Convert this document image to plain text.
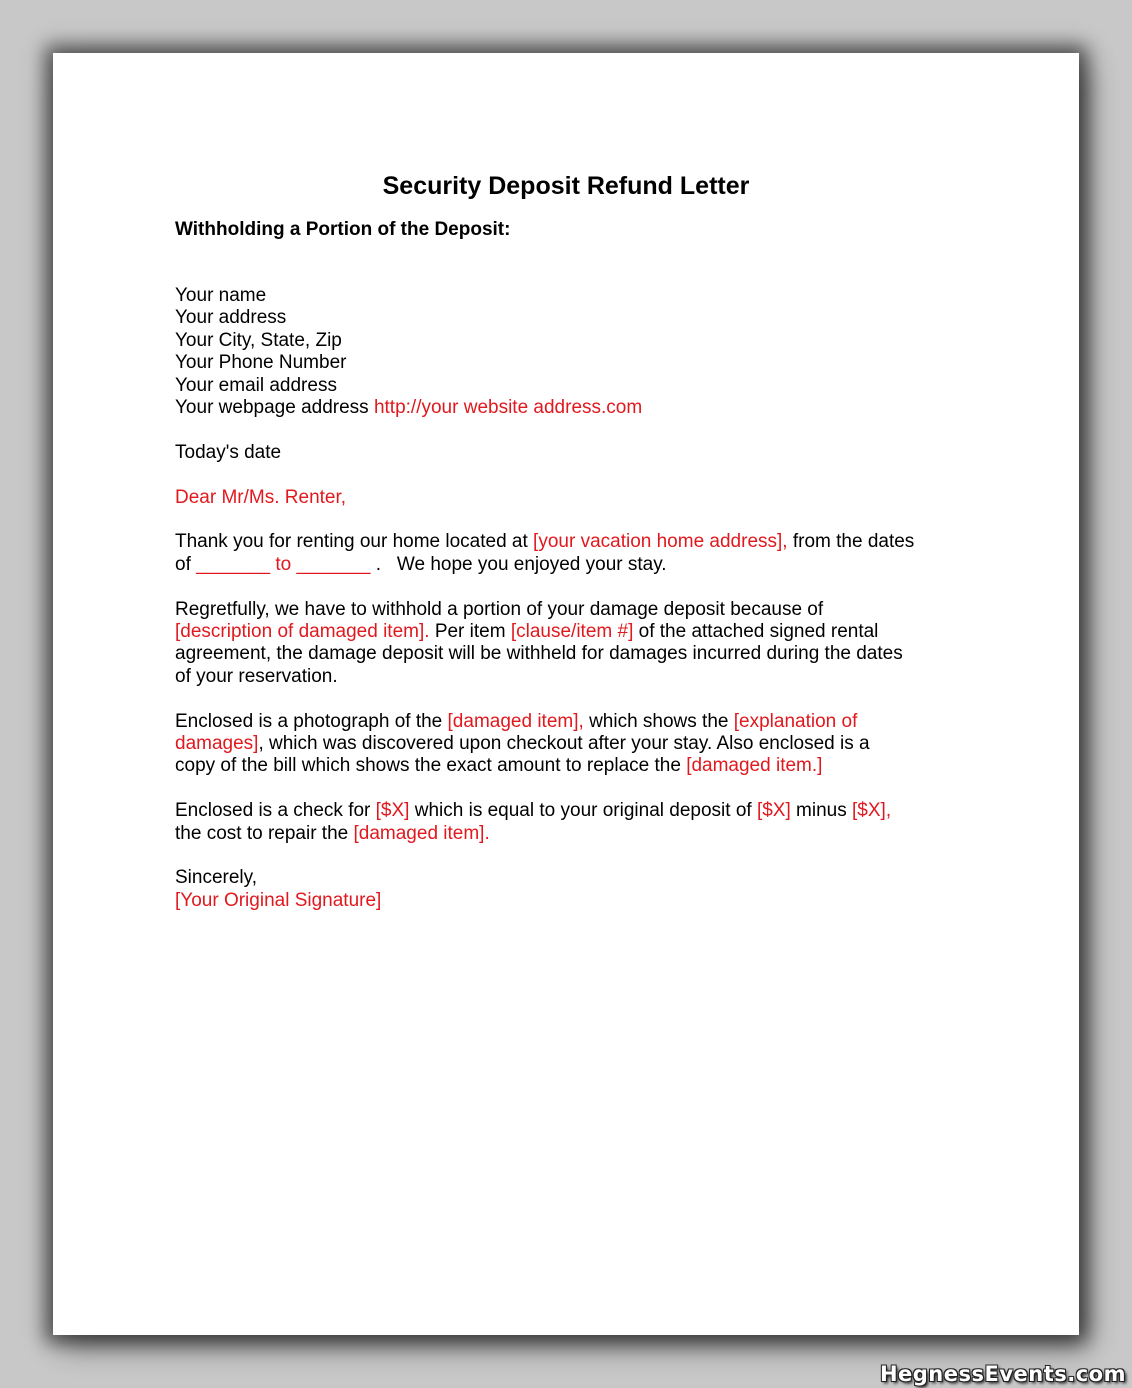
Security Deposit Refund Letter
Withholding a Portion of the Deposit:
Your name
Your address
Your City, State, Zip
Your Phone Number
Your email address
Your webpage address http://your website address.com
Today's date
Dear Mr/Ms. Renter,
Thank you for renting our home located at [your vacation home address], from the dates
of _______ to _______ .   We hope you enjoyed your stay.
Regretfully, we have to withhold a portion of your damage deposit because of
[description of damaged item]. Per item [clause/item #] of the attached signed rental
agreement, the damage deposit will be withheld for damages incurred during the dates
of your reservation.
Enclosed is a photograph of the [damaged item], which shows the [explanation of
damages], which was discovered upon checkout after your stay. Also enclosed is a
copy of the bill which shows the exact amount to replace the [damaged item.]
Enclosed is a check for [$X] which is equal to your original deposit of [$X] minus [$X],
the cost to repair the [damaged item].
Sincerely,
[Your Original Signature]
HegnessEvents.com
